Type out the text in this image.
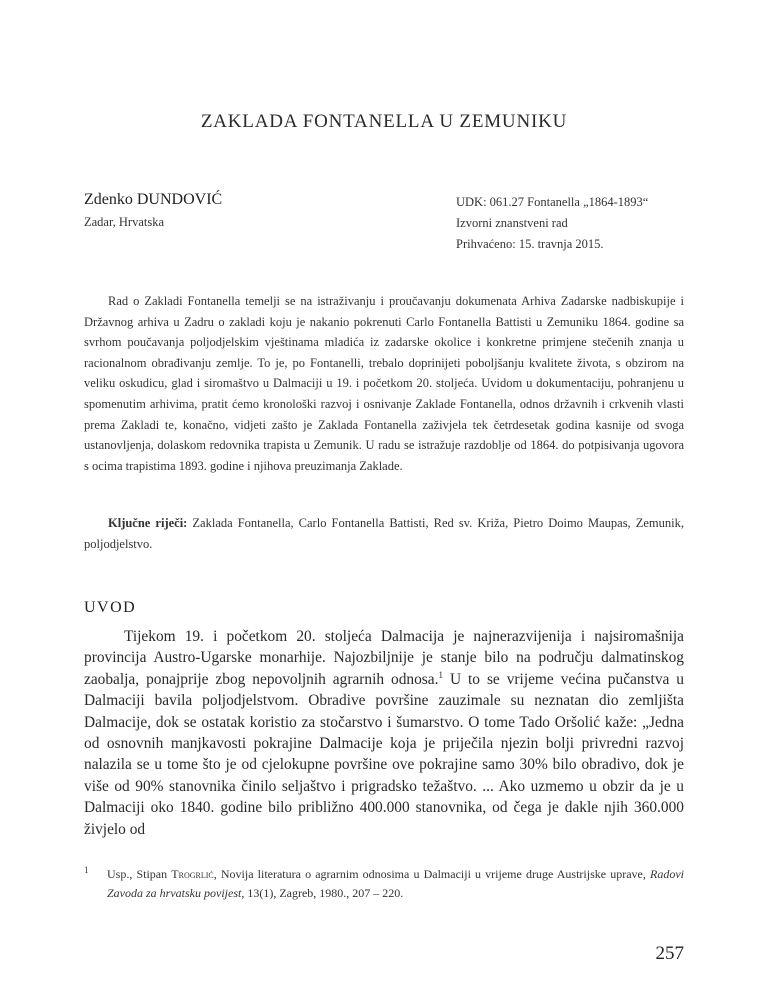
ZAKLADA FONTANELLA U ZEMUNIKU
Zdenko DUNDOVIĆ
Zadar, Hrvatska
UDK: 061.27 Fontanella „1864-1893“
Izvorni znanstveni rad
Prihvaćeno: 15. travnja 2015.

Rad o Zakladi Fontanella temelji se na istraživanju i proučavanju dokumenata Arhiva Zadarske nadbiskupije i Državnog arhiva u Zadru o zakladi koju je nakanio pokrenuti Carlo Fontanella Battisti u Zemuniku 1864. godine sa svrhom poučavanja poljodjelskim vještinama mladića iz zadarske okolice i konkretne primjene stečenih znanja u racionalnom obrađivanju zemlje. To je, po Fontanelli, trebalo doprinijeti poboljšanju kvalitete života, s obzirom na veliku oskudicu, glad i siromaštvo u Dalmaciji u 19. i početkom 20. stoljeća. Uvidom u dokumentaciju, pohranjenu u spomenutim arhivima, pratit ćemo kronološki razvoj i osnivanje Zaklade Fontanella, odnos državnih i crkvenih vlasti prema Zakladi te, konačno, vidjeti zašto je Zaklada Fontanella zaživjela tek četrdesetak godina kasnije od svoga ustanovljenja, dolaskom redovnika trapista u Zemunik. U radu se istražuje razdoblje od 1864. do potpisivanja ugovora s ocima trapistima 1893. godine i njihova preuzimanja Zaklade.

Ključne riječi: Zaklada Fontanella, Carlo Fontanella Battisti, Red sv. Križa, Pietro Doimo Maupas, Zemunik, poljodjelstvo.

UVOD

Tijekom 19. i početkom 20. stoljeća Dalmacija je najnerazvijenija i najsiromašnija provincija Austro-Ugarske monarhije. Najozbiljnije je stanje bilo na području dalmatinskog zaobalja, ponajprije zbog nepovoljnih agrarnih odnosa.$^1$ U to se vrijeme većina pučanstva u Dalmaciji bavila poljodjelstvom. Obradive površine zauzimale su neznatan dio zemljišta Dalmacije, dok se ostatak koristio za stočarstvo i šumarstvo. O tome Tado Oršolić kaže: „Jedna od osnovnih manjkavosti pokrajine Dalmacije koja je priječila njezin bolji privredni razvoj nalazila se u tome što je od cjelokupne površine ove pokrajine samo 30% bilo obradivo, dok je više od 90% stanovnika činilo seljaštvo i prigradsko težaštvo. ... Ako uzmemo u obzir da je u Dalmaciji oko 1840. godine bilo približno 400.000 stanovnika, od čega je dakle njih 360.000 živjelo od

1 Usp., Stipan Trogrlić, Novija literatura o agrarnim odnosima u Dalmaciji u vrijeme druge Austrijske uprave, Radovi Zavoda za hrvatsku povijest, 13(1), Zagreb, 1980., 207 – 220.
257
